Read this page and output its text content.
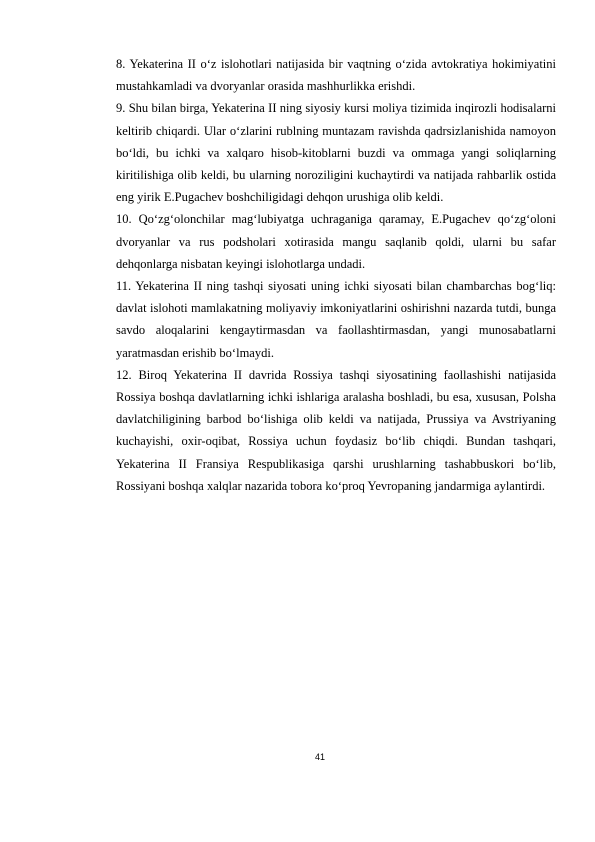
8. Yekaterina II o‘z islohotlari natijasida bir vaqtning o‘zida avtokratiya hokimiyatini mustahkamladi va dvoryanlar orasida mashhurlikka erishdi.

9. Shu bilan birga, Yekaterina II ning siyosiy kursi moliya tizimida inqirozli hodisalarni keltirib chiqardi. Ular o‘zlarini rublning muntazam ravishda qadrsizlanishida namoyon bo‘ldi, bu ichki va xalqaro hisob-kitoblarni buzdi va ommaga yangi soliqlarning kiritilishiga olib keldi, bu ularning noroziligini kuchaytirdi va natijada rahbarlik ostida eng yirik E.Pugachev boshchiligidagi dehqon urushiga olib keldi.

10. Qo‘zg‘olonchilar mag‘lubiyatga uchraganiga qaramay, E.Pugachev qo‘zg‘oloni dvoryanlar va rus podsholari xotirasida mangu saqlanib qoldi, ularni bu safar dehqonlarga nisbatan keyingi islohotlarga undadi.

11. Yekaterina II ning tashqi siyosati uning ichki siyosati bilan chambarchas bog‘liq: davlat islohoti mamlakatning moliyaviy imkoniyatlarini oshirishni nazarda tutdi, bunga savdo aloqalarini kengaytirmasdan va faollashtirmasdan, yangi munosabatlarni yaratmasdan erishib bo‘lmaydi.

12. Biroq Yekaterina II davrida Rossiya tashqi siyosatining faollashishi natijasida Rossiya boshqa davlatlarning ichki ishlariga aralasha boshladi, bu esa, xususan, Polsha davlatchiligining barbod bo‘lishiga olib keldi va natijada, Prussiya va Avstriyaning kuchayishi, oxir-oqibat, Rossiya uchun foydasiz bo‘lib chiqdi. Bundan tashqari, Yekaterina II Fransiya Respublikasiga qarshi urushlarning tashabbuskori bo‘lib, Rossiyani boshqa xalqlar nazarida tobora ko‘proq Yevropaning jandarmiga aylantirdi.

41
